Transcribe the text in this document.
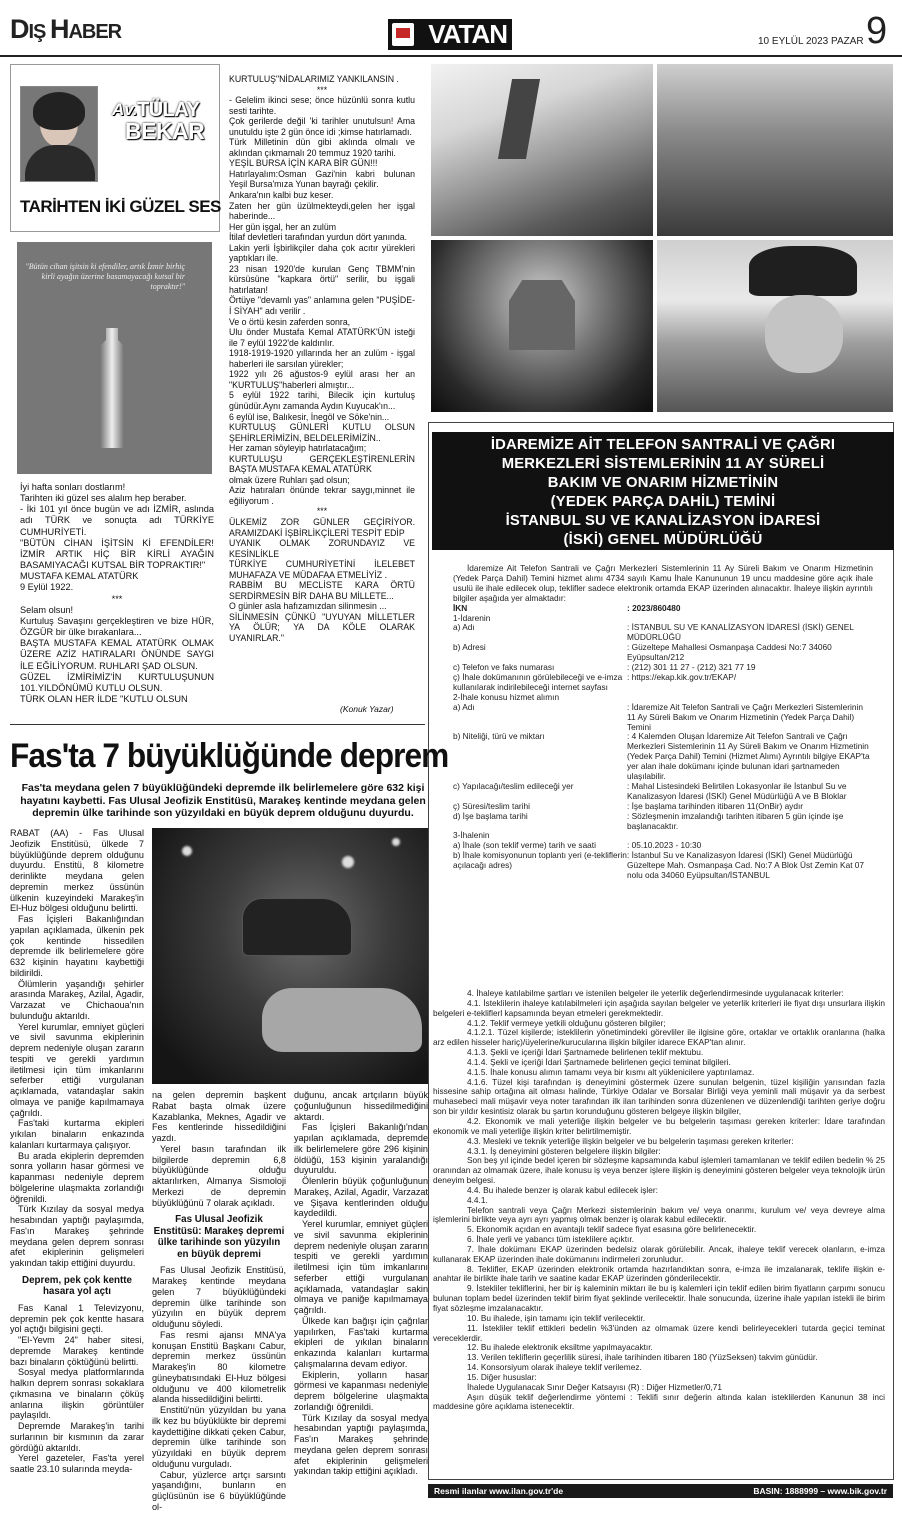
DIŞ HABER	VATAN	10 EYLÜL 2023 PAZAR 9
Av. TÜLAY
BEKAR
TARİHTEN İKİ GÜZEL SES
"Bütün cihan işitsin ki efendiler, artık İzmir birhiç kirli ayağın üzerine basamayacağı kutsal bir topraktır!"

İyi hafta sonları dostlarım!

Tarihten iki güzel ses alalım hep beraber.

- İki 101 yıl önce bugün ve adı İZMİR, aslında adı TÜRK ve sonuçta adı TÜRKİYE CUMHURİYETİ.

"BÜTÜN CİHAN İŞİTSİN Kİ EFENDİLER! İZMİR ARTIK HİÇ BİR KİRLİ AYAĞIN BASAMIYACAĞI KUTSAL BİR TOPRAKTIR!"

MUSTAFA KEMAL ATATÜRK

9 Eylül 1922.

***

Selam olsun!

Kurtuluş Savaşını gerçekleştiren ve bize HÜR, ÖZGÜR bir ülke bırakanlara...

BAŞTA MUSTAFA KEMAL ATATÜRK OLMAK ÜZERE AZİZ HATIRALARI ÖNÜNDE SAYGI İLE EĞİLİYORUM. RUHLARI ŞAD OLSUN.

GÜZEL İZMİRİMİZ'İN KURTULUŞUNUN 101.YILDÖNÜMÜ KUTLU OLSUN.

TÜRK OLAN HER İLDE "KUTLU OLSUN

KURTULUŞ"NİDALARIMIZ YANKILANSIN .

***

- Gelelim ikinci sese; önce hüzünlü sonra kutlu sesti tarihte.

Çok gerilerde değil 'ki tarihler unutulsun! Ama unutuldu işte 2 gün önce idi ;kimse hatırlamadı.

Türk Milletinin dün gibi aklında olmalı ve aklından çıkmamalı 20 temmuz 1920 tarihi.

YEŞİL BURSA İÇİN KARA BİR GÜN!!!

Hatırlayalım:Osman Gazi'nin kabri bulunan Yeşil Bursa'mıza Yunan bayrağı çekilir.

Ankara'nın kalbi buz keser.

Zaten her gün üzülmekteydi,gelen her işgal haberinde...

Her gün işgal, her an zulüm

İtilaf devletleri tarafından yurdun dört yanında.

Lakin yerli İşbirlikçiler daha çok acıtır yürekleri yaptıkları ile.

23 nisan 1920'de kurulan Genç TBMM'nin kürsüsüne "kapkara örtü" serilir, bu işgali hatırlatan!

Örtüye "devamlı yas" anlamına gelen "PUŞİDE-İ SİYAH" adı verilir .

Ve o örtü kesin zaferden sonra,

Ulu önder Mustafa Kemal ATATÜRK'ÜN isteği ile 7 eylül 1922'de kaldırılır.

1918-1919-1920 yıllarında her an zulüm - işgal haberleri ile sarsılan yürekler;

1922 yılı 26 ağustos-9 eylül arası her an "KURTULUŞ"haberleri almıştır...

5 eylül 1922 tarihi, Bilecik için kurtuluş günüdür.Aynı zamanda Aydın Kuyucak'ın...

6 eylül ise, Balıkesir, İnegöl ve Söke'nin...

KURTULUŞ GÜNLERİ KUTLU OLSUN ŞEHİRLERİMİZİN, BELDELERİMİZİN..

Her zaman söyleyip hatırlatacağım;

KURTULUŞU GERÇEKLEŞTİRENLERİN BAŞTA MUSTAFA KEMAL ATATÜRK

olmak üzere Ruhları şad olsun;

Aziz hatıraları önünde tekrar saygı,minnet ile eğiliyorum .

***

ÜLKEMİZ ZOR GÜNLER GEÇİRİYOR. ARAMIZDAKİ İŞBİRLİKÇİLERİ TESPİT EDİP

UYANIK OLMAK ZORUNDAYIZ VE KESİNLİKLE

TÜRKİYE CUMHURİYETİNİ İLELEBET MUHAFAZA VE MÜDAFAA ETMELİYİZ .

RABBİM BU MECLİSTE KARA ÖRTÜ SERDİRMESİN BİR DAHA BU MİLLETE...

O günler asla hafızamızdan silinmesin ...

SİLİNMESİN ÇÜNKÜ "UYUYAN MİLLETLER YA ÖLÜR; YA DA KÖLE OLARAK UYANIRLAR."

(Konuk Yazar)
İDAREMİZE AİT TELEFON SANTRALİ VE ÇAĞRI
MERKEZLERİ SİSTEMLERİNİN 11 AY SÜRELİ
BAKIM VE ONARIM HİZMETİNİN
(YEDEK PARÇA DAHİL) TEMİNİ
İSTANBUL SU VE KANALİZASYON İDARESİ
(İSKİ) GENEL MÜDÜRLÜĞÜ

İdaremize Ait Telefon Santrali ve Çağrı Merkezleri Sistemlerinin 11 Ay Süreli Bakım ve Onarım Hizmetinin (Yedek Parça Dahil) Temini hizmet alımı 4734 sayılı Kamu İhale Kanununun 19 uncu maddesine göre açık ihale usulü ile ihale edilecek olup, teklifler sadece elektronik ortamda EKAP üzerinden alınacaktır. İhaleye ilişkin ayrıntılı bilgiler aşağıda yer almaktadır:

İKN	: 2023/860480

1-İdarenin

a) Adı	: İSTANBUL SU VE KANALİZASYON İDARESİ (İSKİ) GENEL MÜDÜRLÜĞÜ
b) Adresi	: Güzeltepe Mahallesi Osmanpaşa Caddesi No:7 34060 Eyüpsultan/212
c) Telefon ve faks numarası	: (212) 301 11 27 - (212) 321 77 19
ç) İhale dokümanının görülebileceği ve e-imza kullanılarak indirilebileceği internet sayfası
: https://ekap.kik.gov.tr/EKAP/

2-İhale konusu hizmet alımın

a) Adı	: İdaremize Ait Telefon Santrali ve Çağrı Merkezleri Sistemlerinin 11 Ay Süreli Bakım ve Onarım Hizmetinin (Yedek Parça Dahil) Temini
b) Niteliği, türü ve miktarı	: 4 Kalemden Oluşan İdaremize Ait Telefon Santrali ve Çağrı Merkezleri Sistemlerinin 11 Ay Süreli Bakım ve Onarım Hizmetinin (Yedek Parça Dahil) Temini (Hizmet Alımı) Ayrıntılı bilgiye EKAP'ta yer alan ihale dokümanı içinde bulunan idari şartnameden ulaşılabilir.
c) Yapılacağı/teslim edileceği yer	: Mahal Listesindeki Belirtilen Lokasyonlar ile İstanbul Su ve Kanalizasyon İdaresi (İSKİ) Genel Müdürlüğü A ve B Bloklar
ç) Süresi/teslim tarihi	: İşe başlama tarihinden itibaren 11(OnBir) aydır
d) İşe başlama tarihi	: Sözleşmenin imzalandığı tarihten itibaren 5 gün içinde işe başlanacaktır.

3-İhalenin

a) İhale (son teklif verme) tarih ve saati	: 05.10.2023 - 10:30
b) İhale komisyonunun toplantı yeri (e-tekliflerin açılacağı adres)
: İstanbul Su ve Kanalizasyon İdaresi (İSKİ) Genel Müdürlüğü Güzeltepe Mah. Osmanpaşa Cad. No:7 A Blok Üst Zemin Kat 07 nolu oda 34060 Eyüpsultan/İSTANBUL

4. İhaleye katılabilme şartları ve istenilen belgeler ile yeterlik değerlendirmesinde uygulanacak kriterler:

4.1. İsteklilerin ihaleye katılabilmeleri için aşağıda sayılan belgeler ve yeterlik kriterleri ile fiyat dışı unsurlara ilişkin belgeleri e-tekliflerl kapsamında beyan etmeleri gerekmektedir.

4.1.2. Teklif vermeye yetkili olduğunu gösteren bilgiler;

4.1.2.1. Tüzel kişilerde; isteklilerin yönetimindeki görevliler ile ilgisine göre, ortaklar ve ortaklık oranlarına (halka arz edilen hisseler hariç)/üyelerine/kurucularına ilişkin bilgiler idarece EKAP'tan alınır.

4.1.3. Şekli ve içeriği İdari Şartnamede belirlenen teklif mektubu.

4.1.4. Şekli ve içeriği İdari Şartnamede belirlenen geçici teminat bilgileri.

4.1.5. İhale konusu alımın tamamı veya bir kısmı alt yüklenicilere yaptırılamaz.

4.1.6. Tüzel kişi tarafından iş deneyimini göstermek üzere sunulan belgenin, tüzel kişiliğin yarısından fazla hissesine sahip ortağına ait olması halinde, Türkiye Odalar ve Borsalar Birliği veya yeminli mali müşavir ya da serbest muhasebeci mali müşavir veya noter tarafından ilk ilan tarihinden sonra düzenlenen ve düzenlendiği tarihten geriye doğru son bir yıldır kesintisiz olarak bu şartın korunduğunu gösteren belgeye ilişkin bilgiler,

4.2. Ekonomik ve mali yeterliğe ilişkin belgeler ve bu belgelerin taşıması gereken kriterler: İdare tarafından ekonomik ve mali yeterliğe ilişkin kriter belirtilmemiştir.

4.3. Mesleki ve teknik yeterliğe ilişkin belgeler ve bu belgelerin taşıması gereken kriterler:

4.3.1. İş deneyimini gösteren belgelere ilişkin bilgiler:

Son beş yıl içinde bedel içeren bir sözleşme kapsamında kabul işlemleri tamamlanan ve teklif edilen bedelin % 25 oranından az olmamak üzere, ihale konusu iş veya benzer işlere ilişkin iş deneyimini gösteren belgeler veya teknolojik ürün deneyim belgesi.

4.4. Bu ihalede benzer iş olarak kabul edilecek işler:

4.4.1.

Telefon santrali veya Çağrı Merkezi sistemlerinin bakım ve/ veya onarımı, kurulum ve/ veya devreye alma işlemlerini birlikte veya ayrı ayrı yapmış olmak benzer iş olarak kabul edilecektir.

5. Ekonomik açıdan en avantajlı teklif sadece fiyat esasına göre belirlenecektir.

6. İhale yerli ve yabancı tüm isteklilere açıktır.

7. İhale dokümanı EKAP üzerinden bedelsiz olarak görülebilir. Ancak, ihaleye teklif verecek olanların, e-imza kullanarak EKAP üzerinden ihale dokümanını indirmeleri zorunludur.

8. Teklifler, EKAP üzerinden elektronik ortamda hazırlandıktan sonra, e-imza ile imzalanarak, teklife ilişkin e-anahtar ile birlikte ihale tarih ve saatine kadar EKAP üzerinden gönderilecektir.

9. İstekliler tekliflerini, her bir iş kaleminin miktarı ile bu iş kalemleri için teklif edilen birim fiyatların çarpımı sonucu bulunan toplam bedel üzerinden teklif birim fiyat şeklinde verilecektir. İhale sonucunda, üzerine ihale yapılan istekli ile birim fiyat sözleşme imzalanacaktır.

10. Bu ihalede, işin tamamı için teklif verilecektir.

11. İstekliler teklif ettikleri bedelin %3'ünden az olmamak üzere kendi belirleyecekleri tutarda geçici teminat vereceklerdir.

12. Bu ihalede elektronik eksiltme yapılmayacaktır.

13. Verilen tekliflerin geçerlilik süresi, ihale tarihinden itibaren 180 (YüzSeksen) takvim günüdür.

14. Konsorsiyum olarak ihaleye teklif verilemez.

15. Diğer hususlar:

İhalede Uygulanacak Sınır Değer Katsayısı (R) : Diğer Hizmetler/0,71

Aşırı düşük teklif değerlendirme yöntemi : Teklifi sınır değerin altında kalan isteklilerden Kanunun 38 inci maddesine göre açıklama istenecektir.

Resmi ilanlar www.ilan.gov.tr'de	BASIN: 1888999 – www.bik.gov.tr
Fas'ta 7 büyüklüğünde deprem
Fas'ta meydana gelen 7 büyüklüğündeki depremde ilk belirlemelere göre 632 kişi hayatını kaybetti. Fas Ulusal Jeofizik Enstitüsü, Marakeş kentinde meydana gelen depremin ülke tarihinde son yüzyıldaki en büyük deprem olduğunu duyurdu.

RABAT (AA) - Fas Ulusal Jeofizik Enstitüsü, ülkede 7 büyüklüğünde deprem olduğunu duyurdu. Enstitü, 8 kilometre derinlikte meydana gelen depremin merkez üssünün ülkenin kuzeyindeki Marakeş'in El-Huz bölgesi olduğunu belirtti.

Fas İçişleri Bakanlığından yapılan açıklamada, ülkenin pek çok kentinde hissedilen depremde ilk belirlemelere göre 632 kişinin hayatını kaybettiği bildirildi.

Ölümlerin yaşandığı şehirler arasında Marakeş, Azilal, Agadir, Varzazat ve Chichaoua'nın bulunduğu aktarıldı.

Yerel kurumlar, emniyet güçleri ve sivil savunma ekiplerinin deprem nedeniyle oluşan zararın tespiti ve gerekli yardımın iletilmesi için tüm imkanlarını seferber ettiği vurgulanan açıklamada, vatandaşlar sakin olmaya ve paniğe kapılmamaya çağrıldı.

Fas'taki kurtarma ekipleri yıkılan binaların enkazında kalanları kurtarmaya çalışıyor.

Bu arada ekiplerin depremden sonra yolların hasar görmesi ve kapanması nedeniyle deprem bölgelerine ulaşmakta zorlandığı öğrenildi.

Türk Kızılay da sosyal medya hesabından yaptığı paylaşımda, Fas'ın Marakeş şehrinde meydana gelen deprem sonrası afet ekiplerinin gelişmeleri yakından takip ettiğini duyurdu.

Deprem, pek çok kentte hasara yol açtı

Fas Kanal 1 Televizyonu, depremin pek çok kentte hasara yol açtığı bilgisini geçti.

"El-Yevm 24" haber sitesi, depremde Marakeş kentinde bazı binaların çöktüğünü belirtti.

Sosyal medya platformlarında halkın deprem sonrası sokaklara çıkmasına ve binaların çöküş anlarına ilişkin görüntüler paylaşıldı.

Depremde Marakeş'in tarihi surlarının bir kısmının da zarar gördüğü aktarıldı.

Yerel gazeteler, Fas'ta yerel saatle 23.10 sularında meyda-

na gelen depremin başkent Rabat başta olmak üzere Kazablanka, Meknes, Agadir ve Fes kentlerinde hissedildiğini yazdı.

Yerel basın tarafından ilk bilgilerde depremin 6,8 büyüklüğünde olduğu aktarılırken, Almanya Sismoloji Merkezi de depremin büyüklüğünü 7 olarak açıkladı.

Fas Ulusal Jeofizik Enstitüsü: Marakeş depremi ülke tarihinde son yüzyılın en büyük depremi

Fas Ulusal Jeofizik Enstitüsü, Marakeş kentinde meydana gelen 7 büyüklüğündeki depremin ülke tarihinde son yüzyılın en büyük deprem olduğunu söyledi.

Fas resmi ajansı MNA'ya konuşan Enstitü Başkanı Cabur, depremin merkez üssünün Marakeş'in 80 kilometre güneybatısındaki El-Huz bölgesi olduğunu ve 400 kilometrelik alanda hissedildiğini belirtti.

Enstitü'nün yüzyıldan bu yana ilk kez bu büyüklükte bir depremi kaydettiğine dikkati çeken Cabur, depremin ülke tarihinde son yüzyıldaki en büyük deprem olduğunu vurguladı.

Cabur, yüzlerce artçı sarsıntı yaşandığını, bunların en güçlüsünün ise 6 büyüklüğünde ol-

duğunu, ancak artçıların büyük çoğunluğunun hissedilmediğini aktardı.

Fas İçişleri Bakanlığı'ndan yapılan açıklamada, depremde ilk belirlemelere göre 296 kişinin öldüğü, 153 kişinin yaralandığı duyuruldu.

Ölenlerin büyük çoğunluğunun Marakeş, Azilal, Agadir, Varzazat ve Şişava kentlerinden olduğu kaydedildi.

Yerel kurumlar, emniyet güçleri ve sivil savunma ekiplerinin deprem nedeniyle oluşan zararın tespiti ve gerekli yardımın iletilmesi için tüm imkanlarını seferber ettiği vurgulanan açıklamada, vatandaşlar sakin olmaya ve paniğe kapılmamaya çağrıldı.

Ülkede kan bağışı için çağrılar yapılırken, Fas'taki kurtarma ekipleri de yıkılan binaların enkazında kalanları kurtarma çalışmalarına devam ediyor.

Ekiplerin, yolların hasar görmesi ve kapanması nedeniyle deprem bölgelerine ulaşmakta zorlandığı öğrenildi.

Türk Kızılay da sosyal medya hesabından yaptığı paylaşımda, Fas'ın Marakeş şehrinde meydana gelen deprem sonrası afet ekiplerinin gelişmeleri yakından takip ettiğini açıkladı.
